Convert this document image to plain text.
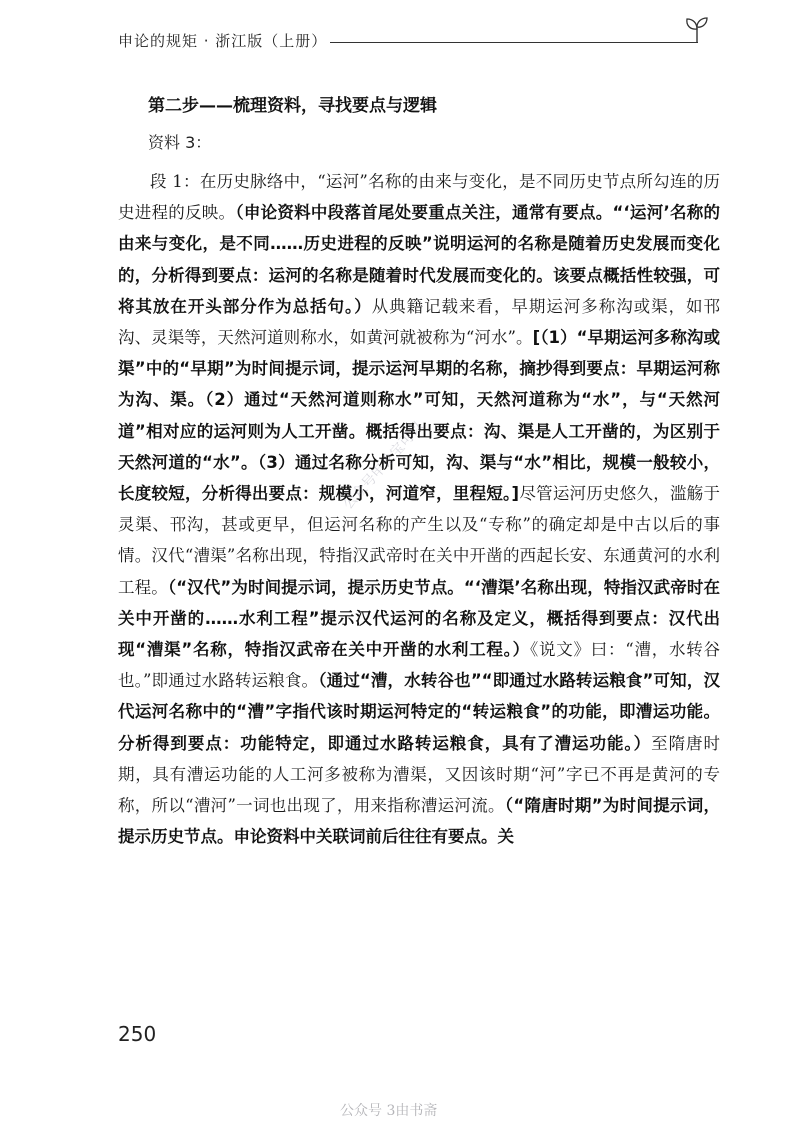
申论的规矩 · 浙江版（上册）

第二步——梳理资料，寻找要点与逻辑

资料 3：

段 1：在历史脉络中，“运河”名称的由来与变化，是不同历史节点所勾连的历史进程的反映。（申论资料中段落首尾处要重点关注，通常有要点。“‘运河’名称的由来与变化，是不同……历史进程的反映”说明运河的名称是随着历史发展而变化的，分析得到要点：运河的名称是随着时代发展而变化的。该要点概括性较强，可将其放在开头部分作为总括句。）从典籍记载来看，早期运河多称沟或渠，如邗沟、灵渠等，天然河道则称水，如黄河就被称为“河水”。[（1）“早期运河多称沟或渠”中的“早期”为时间提示词，提示运河早期的名称，摘抄得到要点：早期运河称为沟、渠。（2）通过“天然河道则称水”可知，天然河道称为“水”，与“天然河道”相对应的运河则为人工开凿。概括得出要点：沟、渠是人工开凿的，为区别于天然河道的“水”。（3）通过名称分析可知，沟、渠与“水”相比，规模一般较小，长度较短，分析得出要点：规模小，河道窄，里程短。]尽管运河历史悠久，滥觞于灵渠、邗沟，甚或更早，但运河名称的产生以及“专称”的确定却是中古以后的事情。汉代“漕渠”名称出现，特指汉武帝时在关中开凿的西起长安、东通黄河的水利工程。（“汉代”为时间提示词，提示历史节点。“‘漕渠’名称出现，特指汉武帝时在关中开凿的……水利工程”提示汉代运河的名称及定义，概括得到要点：汉代出现“漕渠”名称，特指汉武帝在关中开凿的水利工程。）《说文》曰：“漕，水转谷也。”即通过水路转运粮食。（通过“漕，水转谷也”“即通过水路转运粮食”可知，汉代运河名称中的“漕”字指代该时期运河特定的“转运粮食”的功能，即漕运功能。分析得到要点：功能特定，即通过水路转运粮食，具有了漕运功能。）至隋唐时期，具有漕运功能的人工河多被称为漕渠，又因该时期“河”字已不再是黄河的专称，所以“漕河”一词也出现了，用来指称漕运河流。（“隋唐时期”为时间提示词，提示历史节点。申论资料中关联词前后往往有要点。关

250
公众号申论宝可以
公众号 3由书斋
